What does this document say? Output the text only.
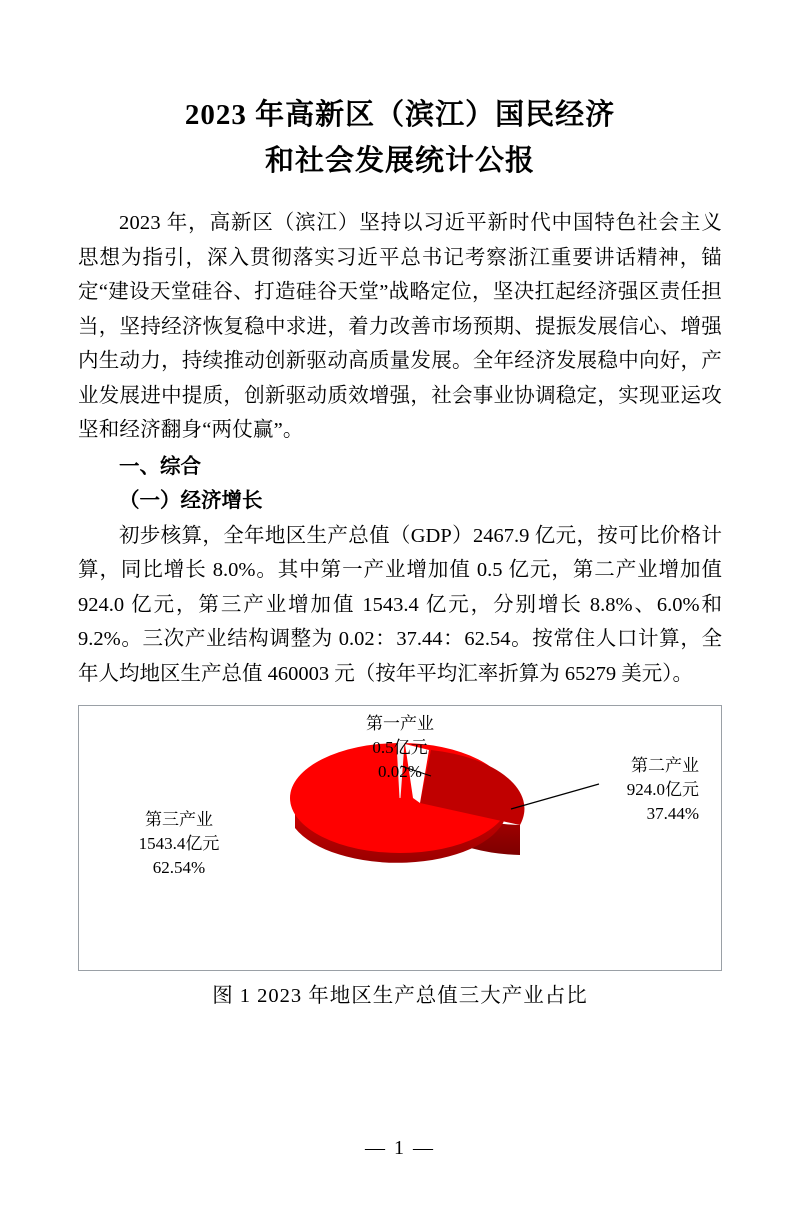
2023 年高新区（滨江）国民经济
和社会发展统计公报

2023 年，高新区（滨江）坚持以习近平新时代中国特色社会主义思想为指引，深入贯彻落实习近平总书记考察浙江重要讲话精神，锚定“建设天堂硅谷、打造硅谷天堂”战略定位，坚决扛起经济强区责任担当，坚持经济恢复稳中求进，着力改善市场预期、提振发展信心、增强内生动力，持续推动创新驱动高质量发展。全年经济发展稳中向好，产业发展进中提质，创新驱动质效增强，社会事业协调稳定，实现亚运攻坚和经济翻身“两仗赢”。

一、综合

（一）经济增长

初步核算，全年地区生产总值（GDP）2467.9 亿元，按可比价格计算，同比增长 8.0%。其中第一产业增加值 0.5 亿元，第二产业增加值 924.0 亿元，第三产业增加值 1543.4 亿元，分别增长 8.8%、6.0%和 9.2%。三次产业结构调整为 0.02：37.44：62.54。按常住人口计算，全年人均地区生产总值 460003 元（按年平均汇率折算为 65279 美元）。

第一产业
0.5亿元
0.02%	第二产业
924.0亿元
37.44%
第三产业
1543.4亿元
62.54%
图 1 2023 年地区生产总值三大产业占比
— 1 —
